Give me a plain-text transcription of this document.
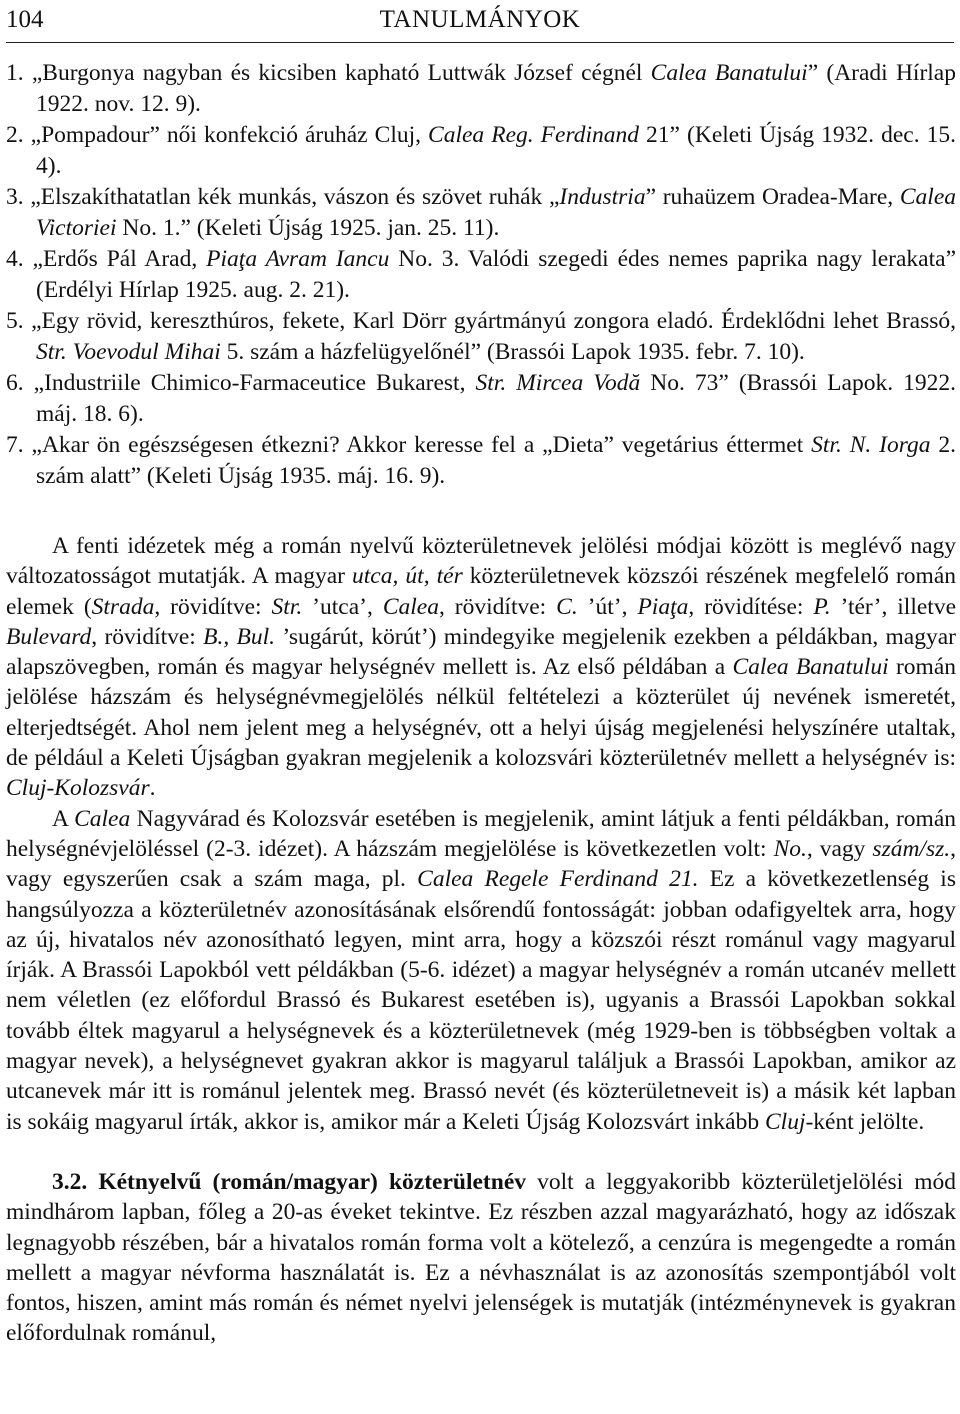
104	TANULMÁNYOK
1. „Burgonya nagyban és kicsiben kapható Luttwák József cégnél Calea Banatului” (Aradi Hírlap 1922. nov. 12. 9).
2. „Pompadour” női konfekció áruház Cluj, Calea Reg. Ferdinand 21” (Keleti Újság 1932. dec. 15. 4).
3. „Elszakíthatatlan kék munkás, vászon és szövet ruhák „Industria” ruhaüzem Oradea-Mare, Calea Victoriei No. 1.” (Keleti Újság 1925. jan. 25. 11).
4. „Erdős Pál Arad, Piaţa Avram Iancu No. 3. Valódi szegedi édes nemes paprika nagy lerakata” (Erdélyi Hírlap 1925. aug. 2. 21).
5. „Egy rövid, kereszthúros, fekete, Karl Dörr gyártmányú zongora eladó. Érdeklődni lehet Brassó, Str. Voevodul Mihai 5. szám a házfelügyelőnél” (Brassói Lapok 1935. febr. 7. 10).
6. „Industriile Chimico-Farmaceutice Bukarest, Str. Mircea Vodă No. 73” (Brassói Lapok. 1922. máj. 18. 6).
7. „Akar ön egészségesen étkezni? Akkor keresse fel a „Dieta” vegetárius éttermet Str. N. Iorga 2. szám alatt” (Keleti Újság 1935. máj. 16. 9).

A fenti idézetek még a román nyelvű közterületnevek jelölési módjai között is meglévő nagy változatosságot mutatják. A magyar utca, út, tér közterületnevek közszói részének megfelelő román elemek (Strada, rövidítve: Str. ’utca’, Calea, rövidítve: C. ’út’, Piaţa, rövidítése: P. ’tér’, illetve Bulevard, rövidítve: B., Bul. ’sugárút, körút’) mindegyike megjelenik ezekben a példákban, magyar alapszövegben, román és magyar helységnév mellett is. Az első példában a Calea Banatului román jelölése házszám és helységnévmegjelölés nélkül feltételezi a közterület új nevének ismeretét, elterjedtségét. Ahol nem jelent meg a helységnév, ott a helyi újság megjelenési helyszínére utaltak, de például a Keleti Újságban gyakran megjelenik a kolozsvári közterületnév mellett a helységnév is: Cluj-Kolozsvár.

A Calea Nagyvárad és Kolozsvár esetében is megjelenik, amint látjuk a fenti példákban, román helységnévjelöléssel (2-3. idézet). A házszám megjelölése is következetlen volt: No., vagy szám/sz., vagy egyszerűen csak a szám maga, pl. Calea Regele Ferdinand 21. Ez a következetlenség is hangsúlyozza a közterületnév azonosításának elsőrendű fontosságát: jobban odafigyeltek arra, hogy az új, hivatalos név azonosítható legyen, mint arra, hogy a közszói részt románul vagy magyarul írják. A Brassói Lapokból vett példákban (5-6. idézet) a magyar helységnév a román utcanév mellett nem véletlen (ez előfordul Brassó és Bukarest esetében is), ugyanis a Brassói Lapokban sokkal tovább éltek magyarul a helységnevek és a közterületnevek (még 1929-ben is többségben voltak a magyar nevek), a helységnevet gyakran akkor is magyarul találjuk a Brassói Lapokban, amikor az utcanevek már itt is románul jelentek meg. Brassó nevét (és közterületneveit is) a másik két lapban is sokáig magyarul írták, akkor is, amikor már a Keleti Újság Kolozsvárt inkább Cluj-ként jelölte.

3.2. Kétnyelvű (román/magyar) közterületnév volt a leggyakoribb közterületjelölési mód mindhárom lapban, főleg a 20-as éveket tekintve. Ez részben azzal magyarázható, hogy az időszak legnagyobb részében, bár a hivatalos román forma volt a kötelező, a cenzúra is megengedte a román mellett a magyar névforma használatát is. Ez a névhasználat is az azonosítás szempontjából volt fontos, hiszen, amint más román és német nyelvi jelenségek is mutatják (intézménynevek is gyakran előfordulnak románul,
